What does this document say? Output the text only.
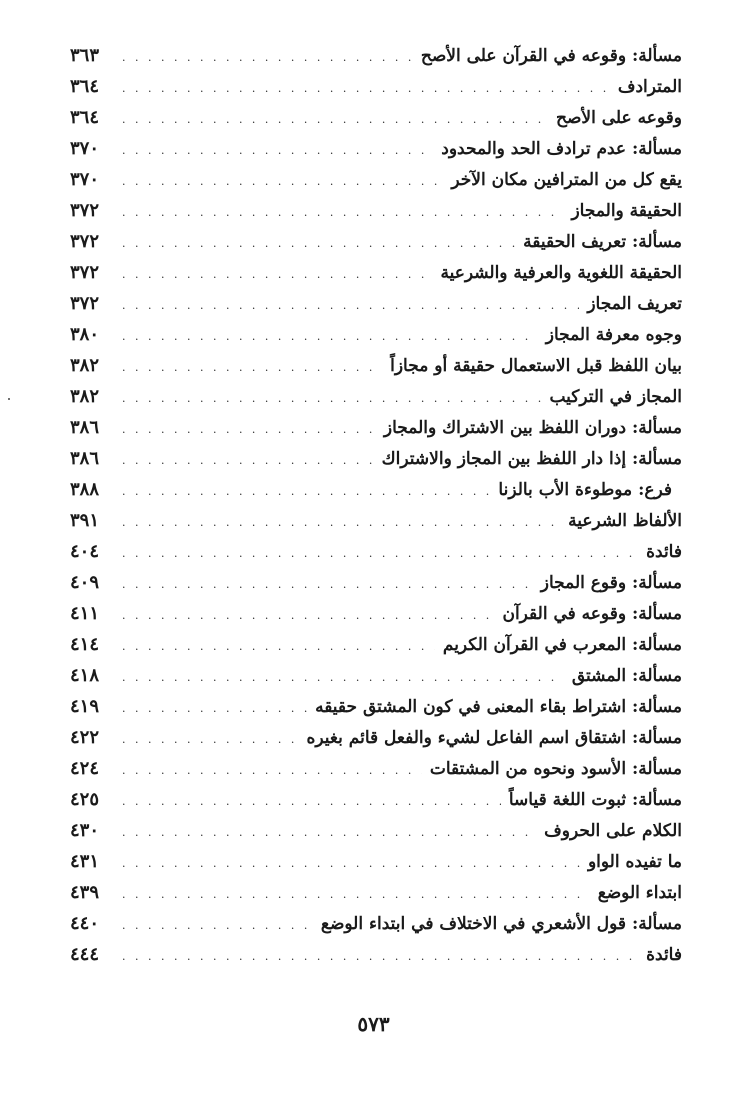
مسألة: وقوعه في القرآن على الأصح
. . .
٣٦٣
المترادف
. . .
٣٦٤
وقوعه على الأصح
. . .
٣٦٤
مسألة: عدم ترادف الحد والمحدود
. . .
٣٧٠
يقع كل من المترافين مكان الآخر
. . .
٣٧٠
الحقيقة والمجاز
. . .
٣٧٢
مسألة: تعريف الحقيقة
. . .
٣٧٢
الحقيقة اللغوية والعرفية والشرعية
. . .
٣٧٢
تعريف المجاز
. . .
٣٧٢
وجوه معرفة المجاز
. . .
٣٨٠
بيان اللفظ قبل الاستعمال حقيقة أو مجازاً
. . .
٣٨٢
المجاز في التركيب
. . .
٣٨٢
مسألة: دوران اللفظ بين الاشتراك والمجاز
. . .
٣٨٦
مسألة: إذا دار اللفظ بين المجاز والاشتراك
. . .
٣٨٦
فرع: موطوءة الأب بالزنا
. . .
٣٨٨
الألفاظ الشرعية
. . .
٣٩١
فائدة
. . .
٤٠٤
مسألة: وقوع المجاز
. . .
٤٠٩
مسألة: وقوعه في القرآن
. . .
٤١١
مسألة: المعرب في القرآن الكريم
. . .
٤١٤
مسألة: المشتق
. . .
٤١٨
مسألة: اشتراط بقاء المعنى في كون المشتق حقيقه
. . .
٤١٩
مسألة: اشتقاق اسم الفاعل لشيء والفعل قائم بغيره
. . .
٤٢٢
مسألة: الأسود ونحوه من المشتقات
. . .
٤٢٤
مسألة: ثبوت اللغة قياساً
. . .
٤٢٥
الكلام على الحروف
. . .
٤٣٠
ما تفيده الواو
. . .
٤٣١
ابتداء الوضع
. . .
٤٣٩
مسألة: قول الأشعري في الاختلاف في ابتداء الوضع
. . .
٤٤٠
فائدة
. . .
٤٤٤
٥٧٣
